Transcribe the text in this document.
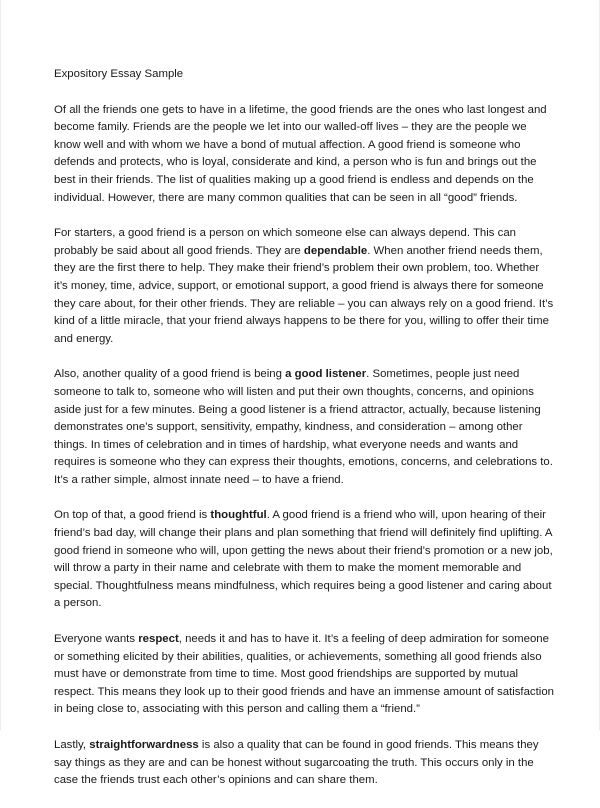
Expository Essay Sample

Of all the friends one gets to have in a lifetime, the good friends are the ones who last longest and become family. Friends are the people we let into our walled-off lives – they are the people we know well and with whom we have a bond of mutual affection. A good friend is someone who defends and protects, who is loyal, considerate and kind, a person who is fun and brings out the best in their friends. The list of qualities making up a good friend is endless and depends on the individual. However, there are many common qualities that can be seen in all “good” friends.

For starters, a good friend is a person on which someone else can always depend. This can probably be said about all good friends. They are dependable. When another friend needs them, they are the first there to help. They make their friend’s problem their own problem, too. Whether it’s money, time, advice, support, or emotional support, a good friend is always there for someone they care about, for their other friends. They are reliable – you can always rely on a good friend. It’s kind of a little miracle, that your friend always happens to be there for you, willing to offer their time and energy.

Also, another quality of a good friend is being a good listener. Sometimes, people just need someone to talk to, someone who will listen and put their own thoughts, concerns, and opinions aside just for a few minutes. Being a good listener is a friend attractor, actually, because listening demonstrates one’s support, sensitivity, empathy, kindness, and consideration – among other things. In times of celebration and in times of hardship, what everyone needs and wants and requires is someone who they can express their thoughts, emotions, concerns, and celebrations to. It’s a rather simple, almost innate need – to have a friend.

On top of that, a good friend is thoughtful. A good friend is a friend who will, upon hearing of their friend’s bad day, will change their plans and plan something that friend will definitely find uplifting. A good friend in someone who will, upon getting the news about their friend’s promotion or a new job, will throw a party in their name and celebrate with them to make the moment memorable and special. Thoughtfulness means mindfulness, which requires being a good listener and caring about a person.

Everyone wants respect, needs it and has to have it. It’s a feeling of deep admiration for someone or something elicited by their abilities, qualities, or achievements, something all good friends also must have or demonstrate from time to time. Most good friendships are supported by mutual respect. This means they look up to their good friends and have an immense amount of satisfaction in being close to, associating with this person and calling them a “friend.”

Lastly, straightforwardness is also a quality that can be found in good friends. This means they say things as they are and can be honest without sugarcoating the truth. This occurs only in the case the friends trust each other’s opinions and can share them.
